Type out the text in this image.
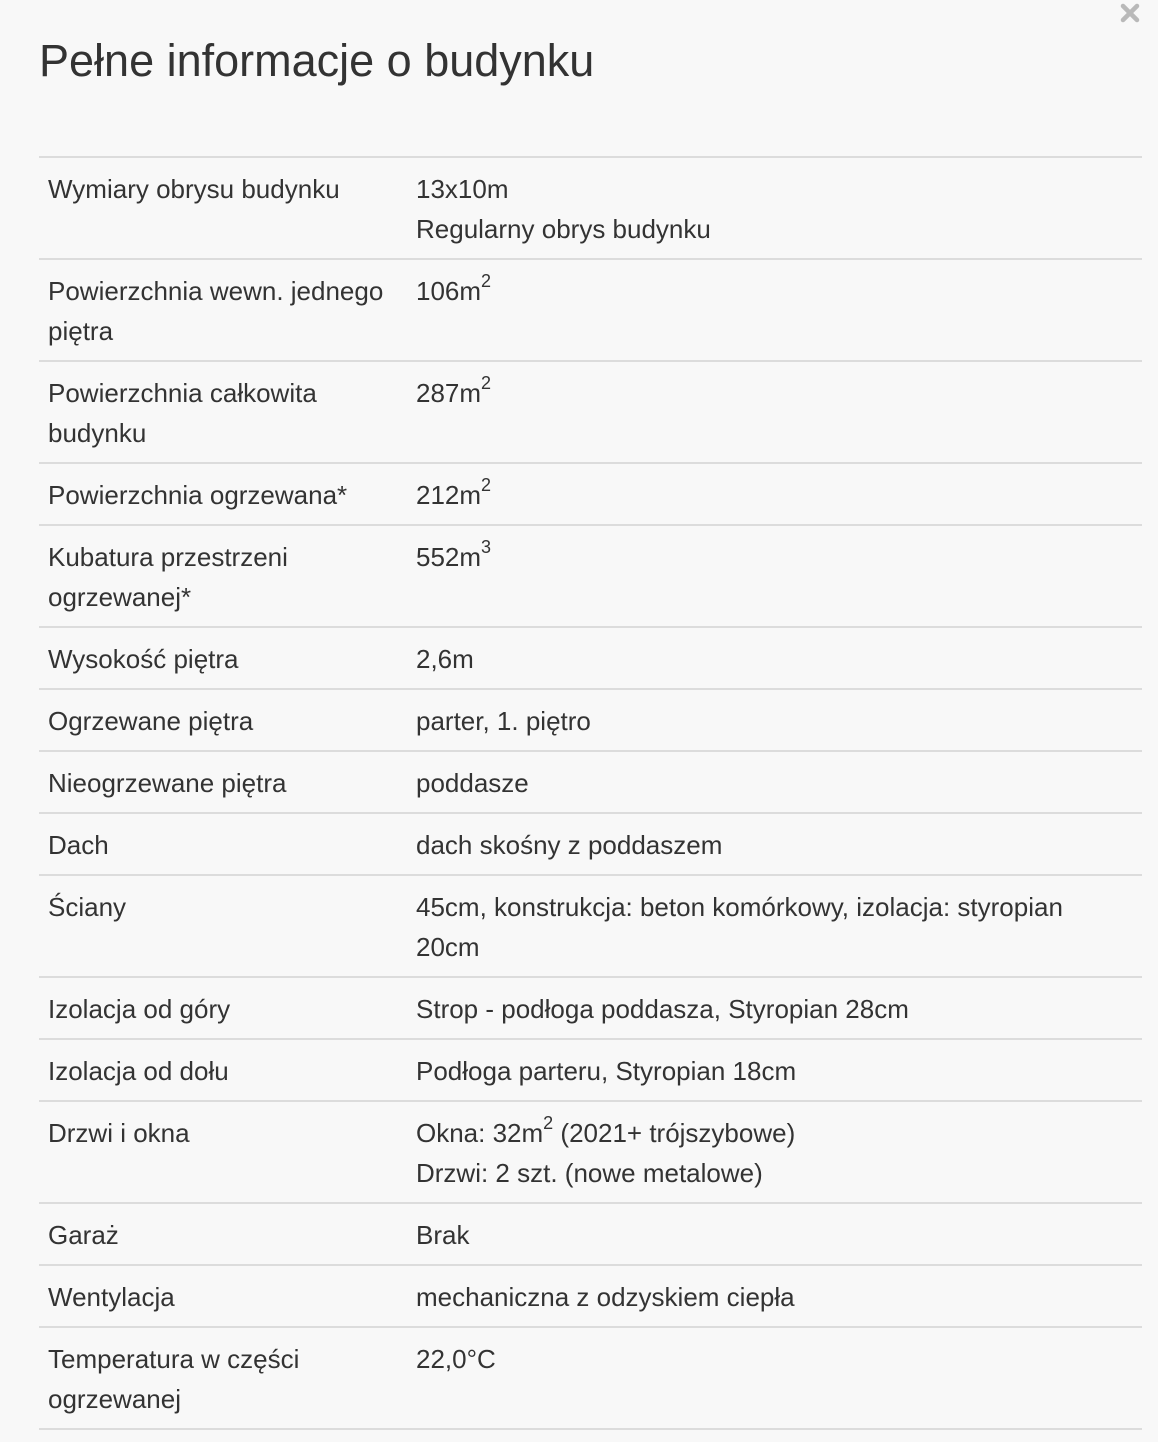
Pełne informacje o budynku
Wymiary obrysu budynku	13x10m
Regularny obrys budynku

Powierzchnia wewn. jednego piętra	$106m^2$

Powierzchnia całkowita budynku	$287m^2$

Powierzchnia ogrzewana*	$212m^2$

Kubatura przestrzeni ogrzewanej*	$552m^3$

Wysokość piętra	2,6m

Ogrzewane piętra	parter, 1. piętro

Nieogrzewane piętra	poddasze

Dach	dach skośny z poddaszem

Ściany	45cm, konstrukcja: beton komórkowy, izolacja: styropian 20cm

Izolacja od góry	Strop - podłoga poddasza, Styropian 28cm

Izolacja od dołu	Podłoga parteru, Styropian 18cm

Drzwi i okna	Okna: $32m^2$ (2021+ trójszybowe)
Drzwi: 2 szt. (nowe metalowe)

Garaż	Brak

Wentylacja	mechaniczna z odzyskiem ciepła

Temperatura w części ogrzewanej	22,0°C
